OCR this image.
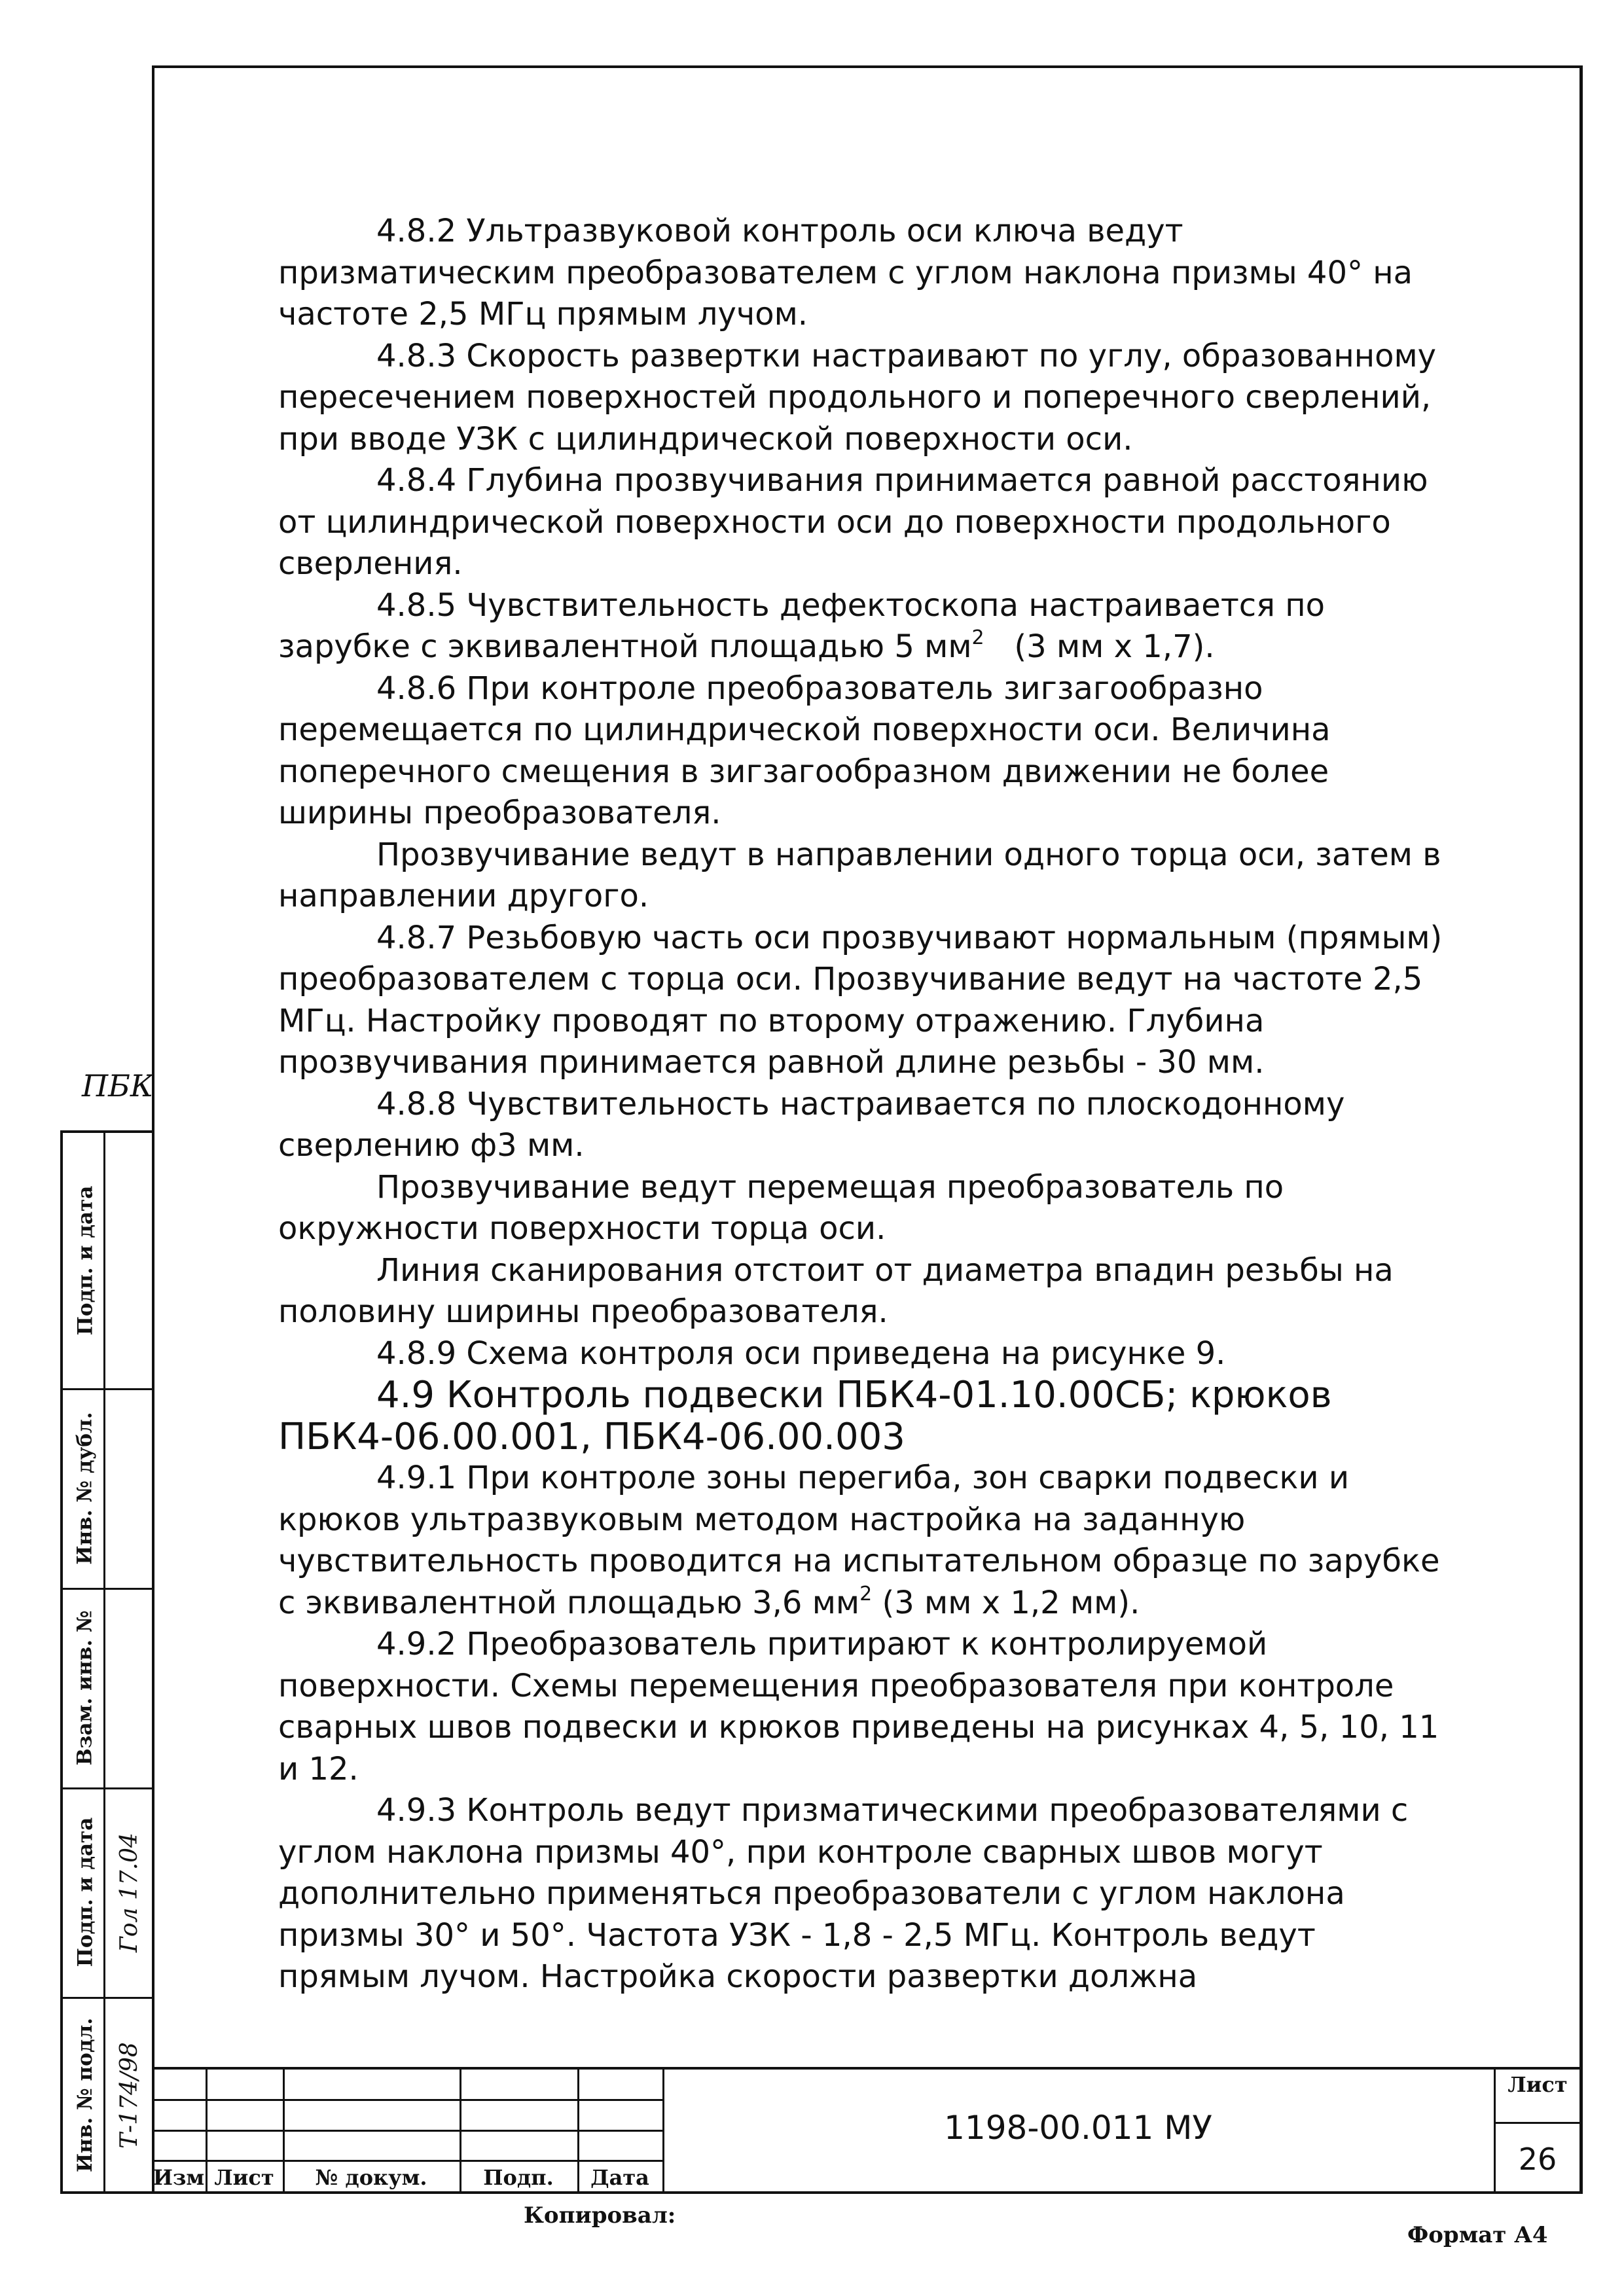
4.8.2 Ультразвуковой контроль оси ключа ведут призматическим преобразователем с углом наклона призмы 40° на частоте 2,5 МГц прямым лучом.

4.8.3 Скорость развертки настраивают по углу, образованному пересечением поверхностей продольного и поперечного сверлений, при вводе УЗК с цилиндрической поверхности оси.

4.8.4 Глубина прозвучивания принимается равной расстоянию от цилиндрической поверхности оси до поверхности продольного сверления.

4.8.5 Чувствительность дефектоскопа настраивается по зарубке с эквивалентной площадью 5 $мм^2$   (3 мм х 1,7).

4.8.6 При контроле преобразователь зигзагообразно перемещается по цилиндрической поверхности оси. Величина поперечного смещения в зигзагообразном движении не более ширины преобразователя.

Прозвучивание ведут в направлении одного торца оси, затем в направлении другого.

4.8.7 Резьбовую часть оси прозвучивают нормальным (прямым) преобразователем с торца оси. Прозвучивание ведут на частоте 2,5 МГц. Настройку проводят по второму отражению. Глубина прозвучивания принимается равной длине резьбы - 30 мм.

4.8.8 Чувствительность настраивается по плоскодонному сверлению ф3 мм.

Прозвучивание ведут перемещая преобразователь по окружности поверхности торца оси.

Линия сканирования отстоит от диаметра впадин резьбы на половину ширины преобразователя.

4.8.9 Схема контроля оси приведена на рисунке 9.

4.9 Контроль подвески ПБК4-01.10.00СБ; крюков ПБК4-06.00.001, ПБК4-06.00.003

4.9.1 При контроле зоны перегиба, зон сварки подвески и крюков ультразвуковым методом настройка на заданную чувствительность проводится на испытательном образце по зарубке с эквивалентной площадью 3,6 $мм^2$ (3 мм х 1,2 мм).

4.9.2 Преобразователь притирают к контролируемой поверхности. Схемы перемещения преобразователя при контроле сварных швов подвески и крюков приведены на рисунках 4, 5, 10, 11 и 12.

4.9.3 Контроль ведут призматическими преобразователями с углом наклона призмы 40°, при контроле сварных швов могут дополнительно применяться преобразователи с углом наклона призмы 30° и 50°. Частота УЗК - 1,8 - 2,5 МГц. Контроль ведут прямым лучом. Настройка скорости развертки должна

ПБК
Подп. и дата
Инв. № дубл.
Взам. инв. №
Подп. и дата
Инв. № подл.
Гол 17.04
Т-174/98
Изм Лист	№ докум.	Подп.	Дата
1198-00.011 МУ
Лист
26
Копировал:
Формат А4
